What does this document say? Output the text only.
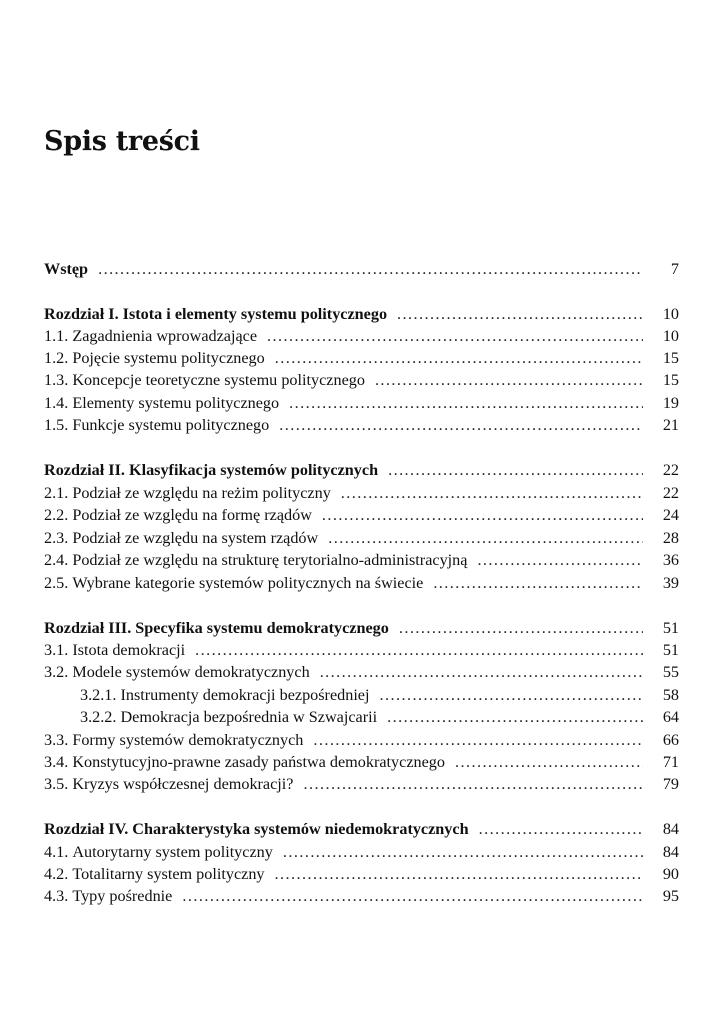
Spis treści
Wstęp . . .	7
Rozdział I. Istota i elementy systemu politycznego . . .	10
1.1.
Zagadnienia wprowadzające . . .	10
1.2.
Pojęcie systemu politycznego . . .	15
1.3.
Koncepcje teoretyczne systemu politycznego . . .	15
1.4.
Elementy systemu politycznego . . .	19
1.5.
Funkcje systemu politycznego . . .	21
Rozdział II. Klasyfikacja systemów politycznych . . .	22
2.1.
Podział ze względu na reżim polityczny . . .	22
2.2.
Podział ze względu na formę rządów . . .	24
2.3.
Podział ze względu na system rządów . . .	28
2.4.
Podział ze względu na strukturę terytorialno-administracyjną . . .	36
2.5.
Wybrane kategorie systemów politycznych na świecie . . .	39
Rozdział III. Specyfika systemu demokratycznego . . .	51
3.1.
Istota demokracji . . .	51
3.2.
Modele systemów demokratycznych . . .	55
3.2.1.
Instrumenty demokracji bezpośredniej . . .	58
3.2.2.
Demokracja bezpośrednia w Szwajcarii . . .	64
3.3.
Formy systemów demokratycznych . . .	66
3.4.
Konstytucyjno-prawne zasady państwa demokratycznego . . .	71
3.5.
Kryzys współczesnej demokracji? . . .	79
Rozdział IV. Charakterystyka systemów niedemokratycznych . . .	84
4.1.
Autorytarny system polityczny . . .	84
4.2.
Totalitarny system polityczny . . .	90
4.3.
Typy pośrednie . . .	95
